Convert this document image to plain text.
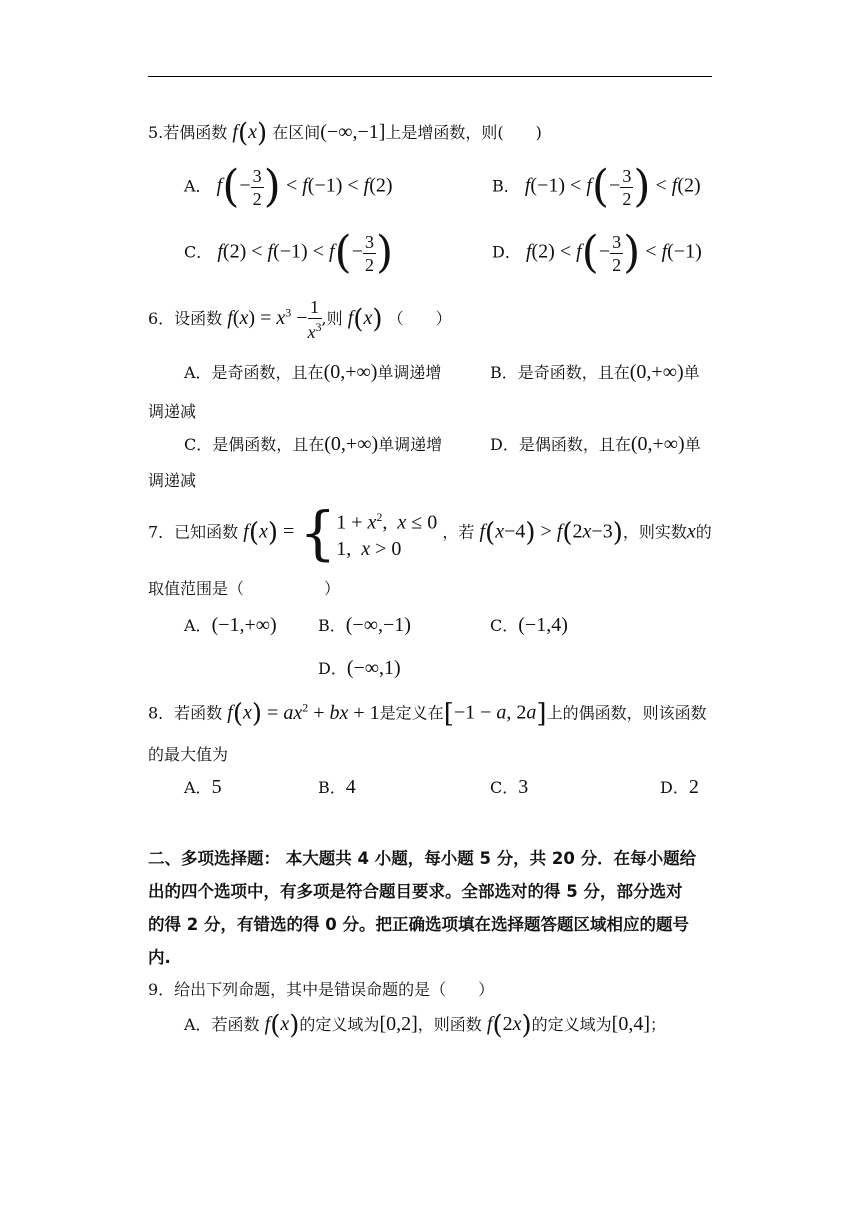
5.若偶函数 f(x) 在区间(−∞,−1]上是增函数，则(　　)
A． $f(- \frac{3}{2}$ ) < f(−1) < f(2)	B． $f(-1) < f(- \frac{3}{2}$ ) < f(2)
C． $f(2) < f(-1) < f(- \frac{3}{2}$ )	D． $f(2) < f(- \frac{3}{2}$ ) < f(−1)
6．设函数 $f(x) = x^3 - \frac{1}{x^3}$ ,则 f(x) （　　）
A．是奇函数，且在(0,+∞)单调递增	B．是奇函数，且在(0,+∞)单
调递减
C．是偶函数，且在(0,+∞)单调递增	D．是偶函数，且在(0,+∞)单
调递减
7．已知函数 $f(x) = \{1 + x^2$,  x ≤ 0
1,  x > 0 ，若 f(x−4) > f(2x−3)，则实数x的
取值范围是（　　　　　）
A．(−1,+∞)	B．(−∞,−1)	C．(−1,4)
D．(−∞,1)
8．若函数 $f(x) = ax^2$ + bx + 1是定义在[−1 − a, 2a]上的偶函数，则该函数
的最大值为
A．5	B．4	C．3	D．2
二、多项选择题： 本大题共 4 小题，每小题 5 分，共 20 分．在每小题给
出的四个选项中，有多项是符合题目要求。全部选对的得 5 分，部分选对
的得 2 分，有错选的得 0 分。把正确选项填在选择题答题区域相应的题号
内.
9．给出下列命题，其中是错误命题的是（　　）
A．若函数 f(x)的定义域为[0,2]，则函数 f(2x)的定义域为[0,4]；
